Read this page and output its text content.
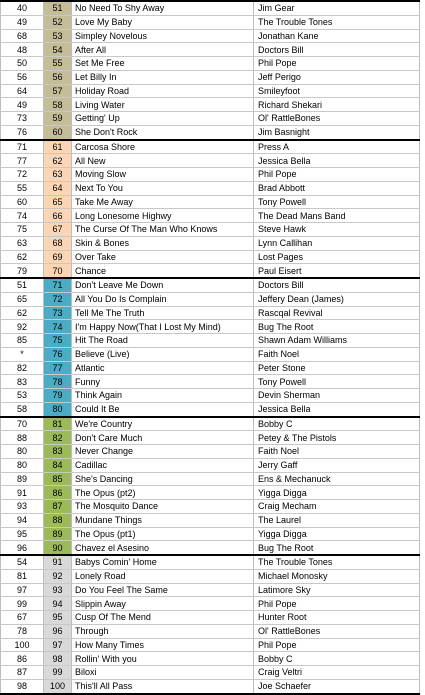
40	51	No Need To Shy Away	Jim Gear
49	52	Love My Baby	The Trouble Tones
68	53	Simpley Novelous	Jonathan Kane
48	54	After All	Doctors Bill
50	55	Set Me Free	Phil Pope
56	56	Let Billy In	Jeff Perigo
64	57	Holiday Road	Smileyfoot
49	58	Living Water	Richard Shekari
73	59	Getting' Up	Ol' RattleBones
76	60	She Don't Rock	Jim Basnight
71	61	Carcosa Shore	Press A
77	62	All New	Jessica Bella
72	63	Moving Slow	Phil Pope
55	64	Next To You	Brad Abbott
60	65	Take Me Away	Tony Powell
74	66	Long Lonesome Highwy	The Dead Mans Band
75	67	The Curse Of The Man Who Knows	Steve Hawk
63	68	Skin & Bones	Lynn Callihan
62	69	Over Take	Lost Pages
79	70	Chance	Paul Eisert
51	71	Don't Leave Me Down	Doctors Bill
65	72	All You Do Is Complain	Jeffery Dean (James)
62	73	Tell Me The Truth	Rascqal Revival
92	74	I'm Happy Now(That I Lost My Mind)	Bug The Root
85	75	Hit The Road	Shawn Adam Williams
*	76	Believe (Live)	Faith Noel
82	77	Atlantic	Peter Stone
83	78	Funny	Tony Powell
53	79	Think Again	Devin Sherman
58	80	Could It Be	Jessica Bella
70	81	We're Country	Bobby C
88	82	Don't Care Much	Petey & The Pistols
80	83	Never Change	Faith Noel
80	84	Cadillac	Jerry Gaff
89	85	She's Dancing	Ens & Mechanuck
91	86	The Opus (pt2)	Yigga Digga
93	87	The Mosquito Dance	Craig Mecham
94	88	Mundane Things	The Laurel
95	89	The Opus (pt1)	Yigga Digga
96	90	Chavez el Asesino	Bug The Root
54	91	Babys Comin' Home	The Trouble Tones
81	92	Lonely Road	Michael Monosky
97	93	Do You Feel The Same	Latimore Sky
99	94	Slippin Away	Phil Pope
67	95	Cusp Of The Mend	Hunter Root
78	96	Through	Ol' RattleBones
100	97	How Many Times	Phil Pope
86	98	Rollin' With you	Bobby C
87	99	Biloxi	Craig Veltri
98	100	This'll All Pass	Joe Schaefer
